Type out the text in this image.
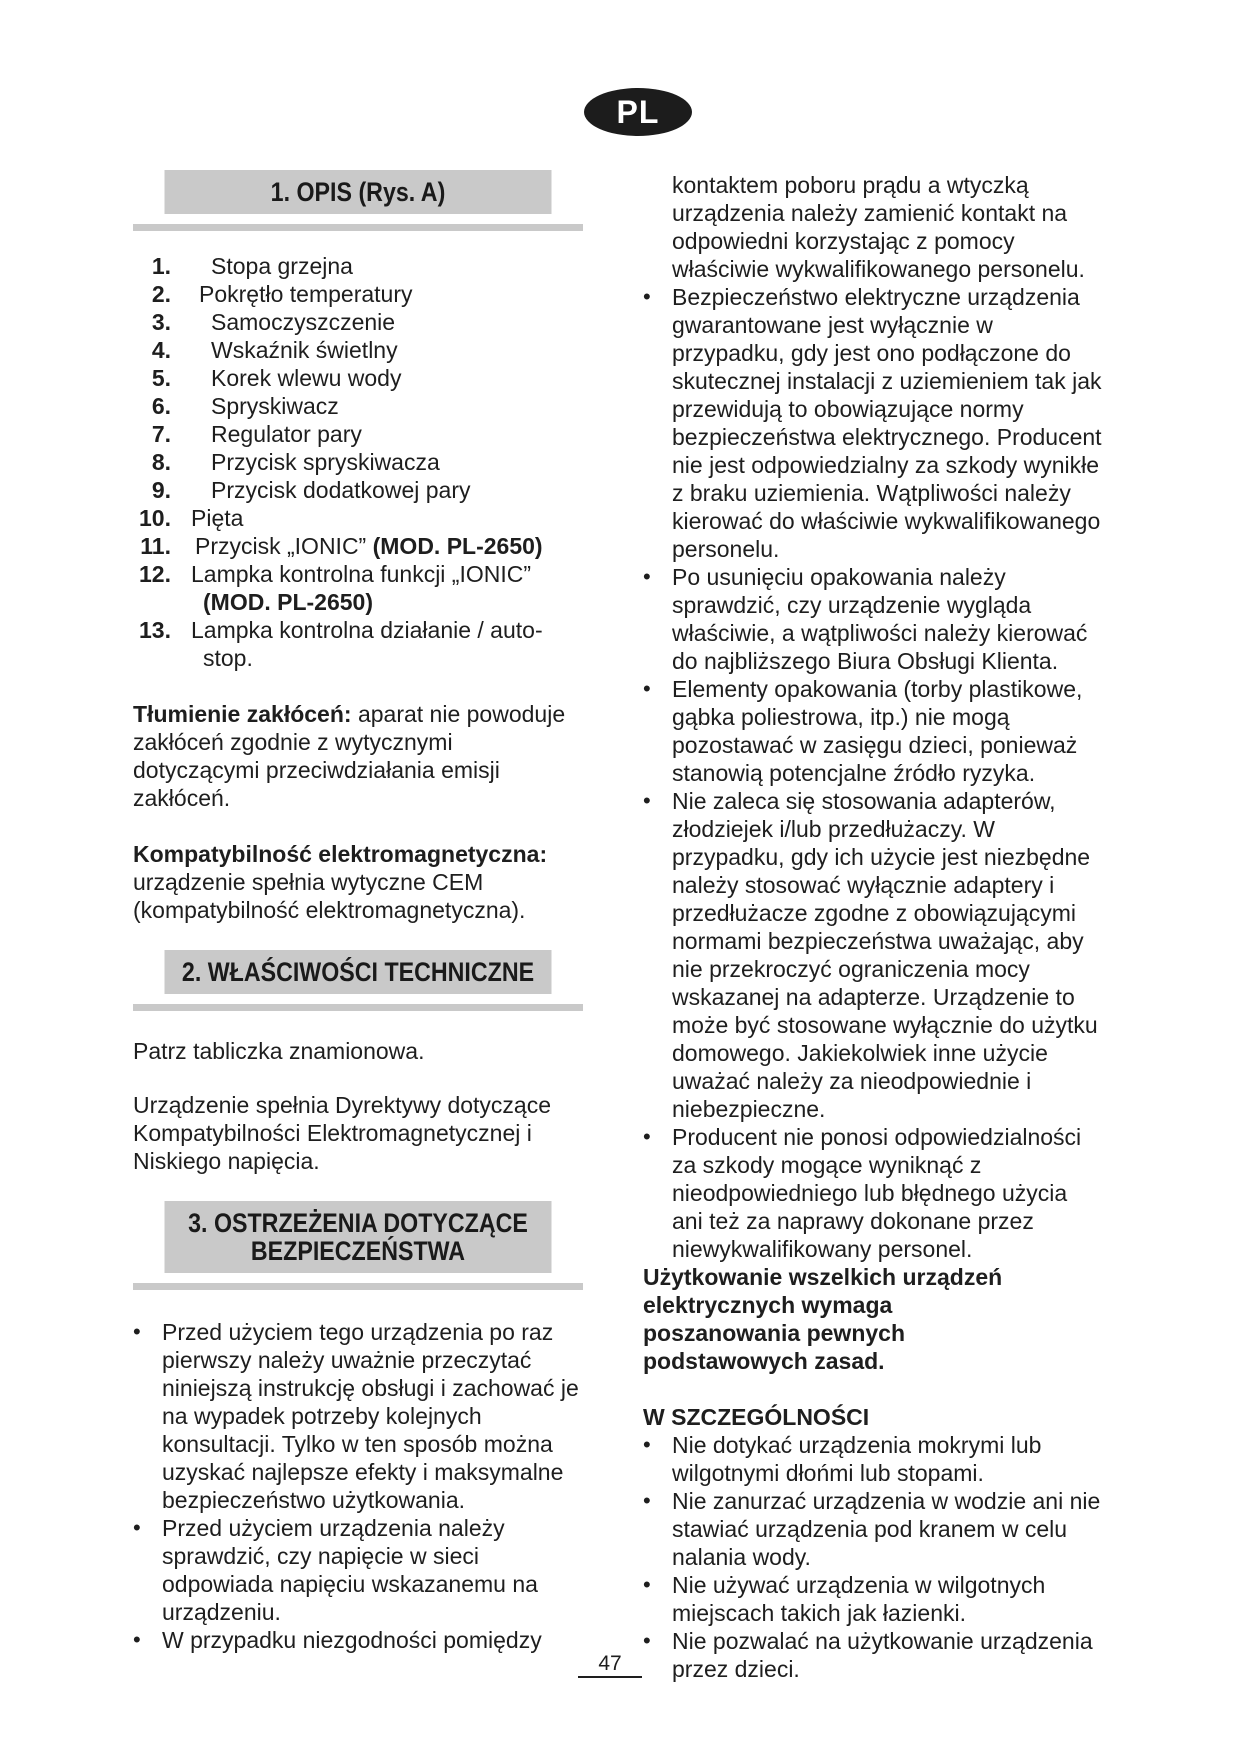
PL
1. OPIS (Rys. A)
1. Stopa grzejna
2. Pokrętło temperatury
3. Samoczyszczenie
4. Wskaźnik świetlny
5. Korek wlewu wody
6. Spryskiwacz
7. Regulator pary
8. Przycisk spryskiwacza
9. Przycisk dodatkowej pary
10. Pięta
11. Przycisk „IONIC” (MOD. PL-2650)
12. Lampka kontrolna funkcji „IONIC”
(MOD. PL-2650)
13. Lampka kontrolna działanie / auto-
stop.

Tłumienie zakłóceń: aparat nie powoduje zakłóceń zgodnie z wytycznymi dotyczącymi przeciwdziałania emisji zakłóceń.

Kompatybilność elektromagnetyczna:
urządzenie spełnia wytyczne CEM (kompatybilność elektromagnetyczna).

2. WŁAŚCIWOŚCI TECHNICZNE

Patrz tabliczka znamionowa.

Urządzenie spełnia Dyrektywy dotyczące Kompatybilności Elektromagnetycznej i Niskiego napięcia.

3. OSTRZEŻENIA DOTYCZĄCE
BEZPIECZEŃSTWA
• Przed użyciem tego urządzenia po raz pierwszy należy uważnie przeczytać niniejszą instrukcję obsługi i zachować je na wypadek potrzeby kolejnych konsultacji. Tylko w ten sposób można uzyskać najlepsze efekty i maksymalne bezpieczeństwo użytkowania.
• Przed użyciem urządzenia należy sprawdzić, czy napięcie w sieci odpowiada napięciu wskazanemu na urządzeniu.
• W przypadku niezgodności pomiędzy

kontaktem poboru prądu a wtyczką urządzenia należy zamienić kontakt na odpowiedni korzystając z pomocy właściwie wykwalifikowanego personelu.

• Bezpieczeństwo elektryczne urządzenia gwarantowane jest wyłącznie w przypadku, gdy jest ono podłączone do skutecznej instalacji z uziemieniem tak jak przewidują to obowiązujące normy bezpieczeństwa elektrycznego. Producent nie jest odpowiedzialny za szkody wynikłe z braku uziemienia. Wątpliwości należy kierować do właściwie wykwalifikowanego personelu.
• Po usunięciu opakowania należy sprawdzić, czy urządzenie wygląda właściwie, a wątpliwości należy kierować do najbliższego Biura Obsługi Klienta.
• Elementy opakowania (torby plastikowe, gąbka poliestrowa, itp.) nie mogą pozostawać w zasięgu dzieci, ponieważ stanowią potencjalne źródło ryzyka.
• Nie zaleca się stosowania adapterów, złodziejek i/lub przedłużaczy. W przypadku, gdy ich użycie jest niezbędne należy stosować wyłącznie adaptery i przedłużacze zgodne z obowiązującymi normami bezpieczeństwa uważając, aby nie przekroczyć ograniczenia mocy wskazanej na adapterze. Urządzenie to może być stosowane wyłącznie do użytku domowego. Jakiekolwiek inne użycie uważać należy za nieodpowiednie i niebezpieczne.
• Producent nie ponosi odpowiedzialności za szkody mogące wyniknąć z nieodpowiedniego lub błędnego użycia ani też za naprawy dokonane przez niewykwalifikowany personel.

Użytkowanie wszelkich urządzeń elektrycznych wymaga poszanowania pewnych podstawowych zasad.

W SZCZEGÓLNOŚCI

• Nie dotykać urządzenia mokrymi lub wilgotnymi dłońmi lub stopami.
• Nie zanurzać urządzenia w wodzie ani nie stawiać urządzenia pod kranem w celu nalania wody.
• Nie używać urządzenia w wilgotnych miejscach takich jak łazienki.
• Nie pozwalać na użytkowanie urządzenia przez dzieci.
47
